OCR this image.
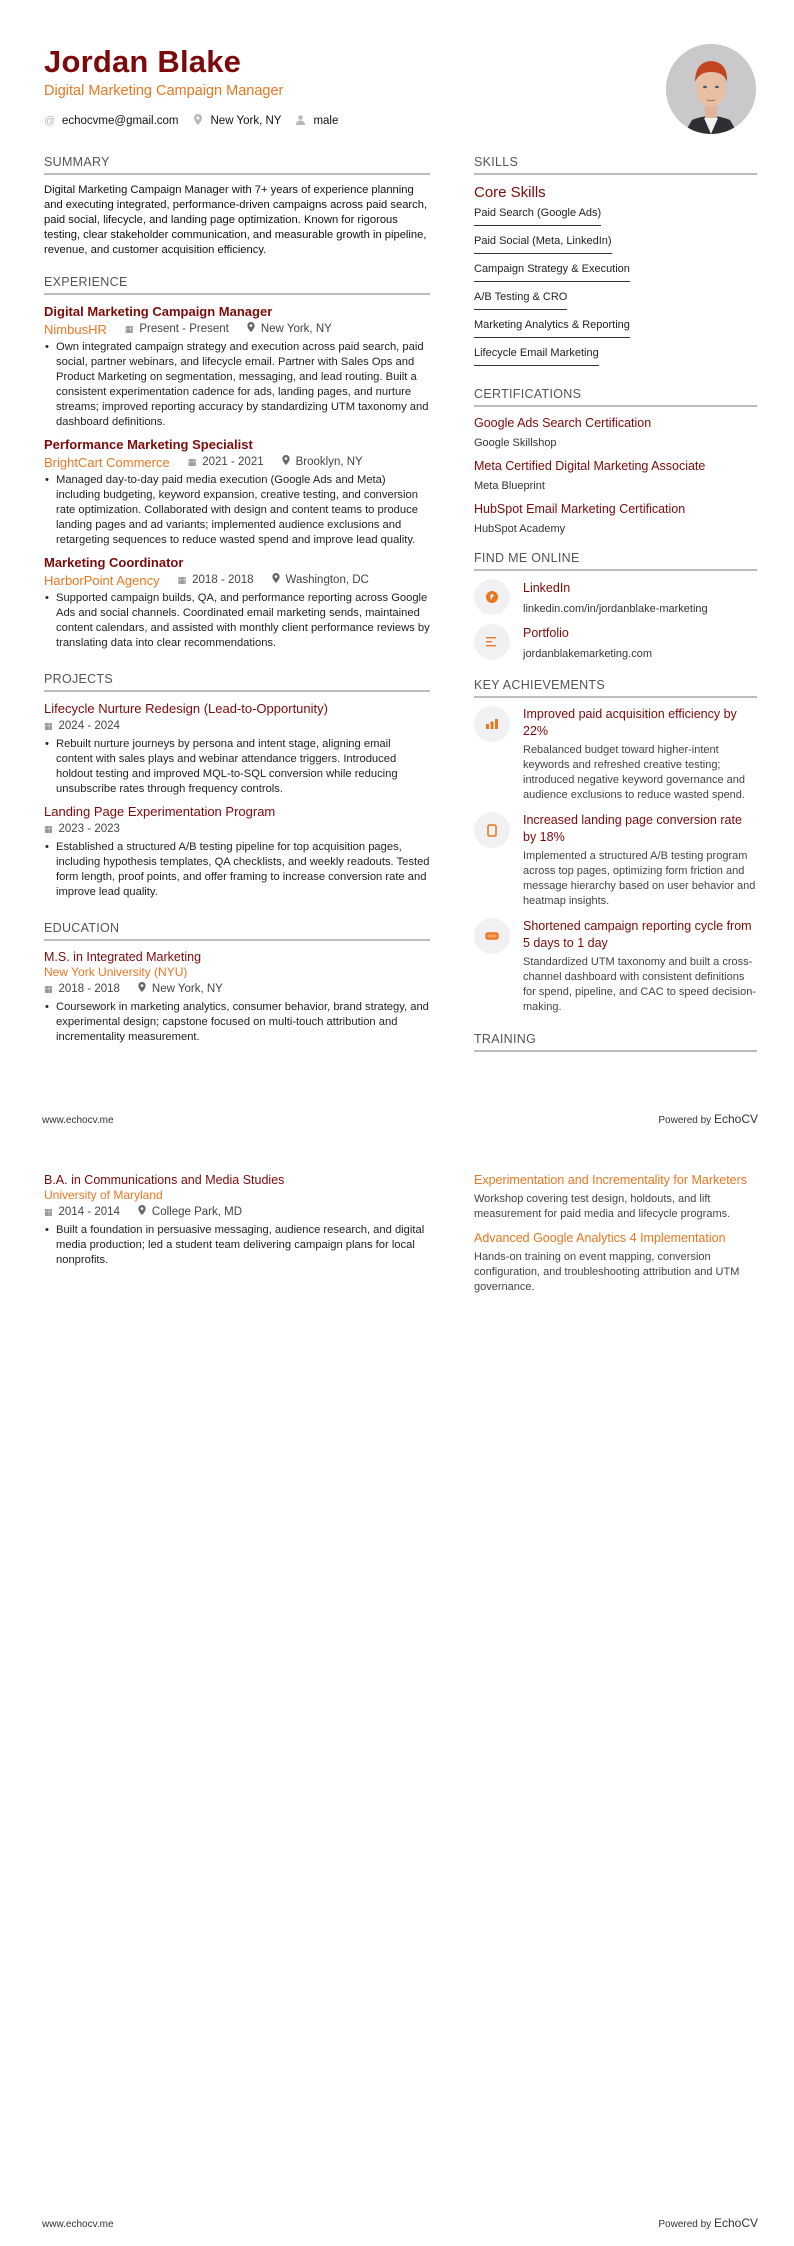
Jordan Blake
Digital Marketing Campaign Manager
@ echocvme@gmail.com	New York, NY	male
SUMMARY

Digital Marketing Campaign Manager with 7+ years of experience planning and executing integrated, performance-driven campaigns across paid search, paid social, lifecycle, and landing page optimization. Known for rigorous testing, clear stakeholder communication, and measurable growth in pipeline, revenue, and customer acquisition efficiency.

EXPERIENCE
Digital Marketing Campaign Manager
NimbusHR ▦ Present - Present	New York, NY
• Own integrated campaign strategy and execution across paid search, paid social, partner webinars, and lifecycle email. Partner with Sales Ops and Product Marketing on segmentation, messaging, and lead routing. Built a consistent experimentation cadence for ads, landing pages, and nurture streams; improved reporting accuracy by standardizing UTM taxonomy and dashboard definitions.
Performance Marketing Specialist
BrightCart Commerce ▦ 2021 - 2021	Brooklyn, NY
• Managed day-to-day paid media execution (Google Ads and Meta) including budgeting, keyword expansion, creative testing, and conversion rate optimization. Collaborated with design and content teams to produce landing pages and ad variants; implemented audience exclusions and retargeting sequences to reduce wasted spend and improve lead quality.
Marketing Coordinator
HarborPoint Agency ▦ 2018 - 2018	Washington, DC
• Supported campaign builds, QA, and performance reporting across Google Ads and social channels. Coordinated email marketing sends, maintained content calendars, and assisted with monthly client performance reviews by translating data into clear recommendations.
PROJECTS
Lifecycle Nurture Redesign (Lead-to-Opportunity)
▦ 2024 - 2024
• Rebuilt nurture journeys by persona and intent stage, aligning email content with sales plays and webinar attendance triggers. Introduced holdout testing and improved MQL-to-SQL conversion while reducing unsubscribe rates through frequency controls.
Landing Page Experimentation Program
▦ 2023 - 2023
• Established a structured A/B testing pipeline for top acquisition pages, including hypothesis templates, QA checklists, and weekly readouts. Tested form length, proof points, and offer framing to increase conversion rate and improve lead quality.
EDUCATION
M.S. in Integrated Marketing
New York University (NYU)
▦ 2018 - 2018	New York, NY
• Coursework in marketing analytics, consumer behavior, brand strategy, and experimental design; capstone focused on multi-touch attribution and incrementality measurement.
SKILLS
Core Skills
Paid Search (Google Ads)
Paid Social (Meta, LinkedIn)
Campaign Strategy & Execution
A/B Testing & CRO
Marketing Analytics & Reporting
Lifecycle Email Marketing
CERTIFICATIONS
Google Ads Search Certification
Google Skillshop
Meta Certified Digital Marketing Associate
Meta Blueprint
HubSpot Email Marketing Certification
HubSpot Academy
FIND ME ONLINE
LinkedIn
linkedin.com/in/jordanblake-marketing
Portfolio
jordanblakemarketing.com
KEY ACHIEVEMENTS
Improved paid acquisition efficiency by 22%
Rebalanced budget toward higher-intent keywords and refreshed creative testing; introduced negative keyword governance and audience exclusions to reduce wasted spend.
Increased landing page conversion rate by 18%
Implemented a structured A/B testing program across top pages, optimizing form friction and message hierarchy based on user behavior and heatmap insights.
Shortened campaign reporting cycle from 5 days to 1 day
Standardized UTM taxonomy and built a cross-channel dashboard with consistent definitions for spend, pipeline, and CAC to speed decision-making.
TRAINING
www.echocv.me	Powered by EchoCV
B.A. in Communications and Media Studies
University of Maryland
▦ 2014 - 2014	College Park, MD
• Built a foundation in persuasive messaging, audience research, and digital media production; led a student team delivering campaign plans for local nonprofits.
Experimentation and Incrementality for Marketers
Workshop covering test design, holdouts, and lift measurement for paid media and lifecycle programs.
Advanced Google Analytics 4 Implementation
Hands-on training on event mapping, conversion configuration, and troubleshooting attribution and UTM governance.
www.echocv.me	Powered by EchoCV
